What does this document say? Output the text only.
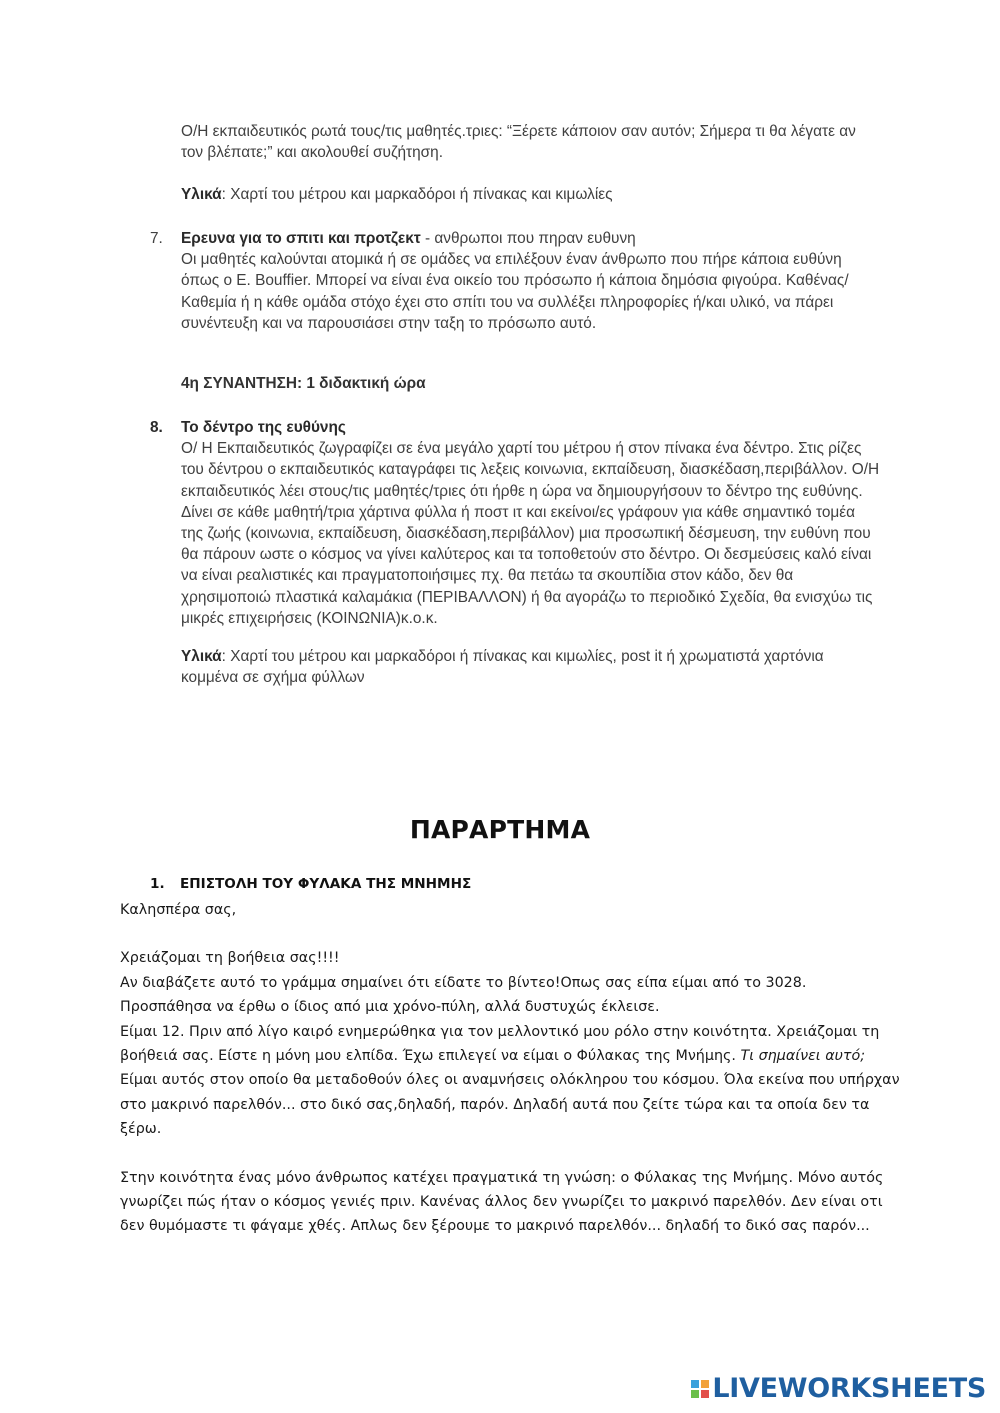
Ο/Η εκπαιδευτικός ρωτά τους/τις μαθητές.τριες: “Ξέρετε κάποιον σαν αυτόν; Σήμερα τι θα λέγατε αν τον βλέπατε;” και ακολουθεί συζήτηση.

Υλικά: Χαρτί του μέτρου και μαρκαδόροι ή πίνακας και κιμωλίες

7. Ερευνα για το σπιτι και προτζεκτ - ανθρωποι που πηραν ευθυνη

Οι μαθητές καλούνται ατομικά ή σε ομάδες να επιλέξουν έναν άνθρωπο που πήρε κάποια ευθύνη όπως ο E. Bouffier. Μπορεί να είναι ένα οικείο του πρόσωπο ή κάποια δημόσια φιγούρα. Καθένας/Καθεμία ή η κάθε ομάδα στόχο έχει στο σπίτι του να συλλέξει πληροφορίες ή/και υλικό, να πάρει συνέντευξη και να παρουσιάσει στην ταξη το πρόσωπο αυτό.

4η ΣΥΝΑΝΤΗΣΗ: 1 διδακτική ώρα
8. Το δέντρο της ευθύνης

Ο/ Η Εκπαιδευτικός ζωγραφίζει σε ένα μεγάλο χαρτί του μέτρου ή στον πίνακα ένα δέντρο. Στις ρίζες του δέντρου ο εκπαιδευτικός καταγράφει τις λεξεις κοινωνια, εκπαίδευση, διασκέδαση,περιβάλλον. Ο/Η εκπαιδευτικός λέει στους/τις μαθητές/τριες ότι ήρθε η ώρα να δημιουργήσουν το δέντρο της ευθύνης. Δίνει σε κάθε μαθητή/τρια χάρτινα φύλλα ή ποστ ιτ και εκείνοι/ες γράφουν για κάθε σημαντικό τομέα της ζωής (κοινωνια, εκπαίδευση, διασκέδαση,περιβάλλον) μια προσωπική δέσμευση, την ευθύνη που θα πάρουν ωστε ο κόσμος να γίνει καλύτερος και τα τοποθετούν στο δέντρο. Οι δεσμεύσεις καλό είναι να είναι ρεαλιστικές και πραγματοποιήσιμες πχ. θα πετάω τα σκουπίδια στον κάδο, δεν θα χρησιμοποιώ πλαστικά καλαμάκια (ΠΕΡΙΒΑΛΛΟΝ) ή θα αγοράζω το περιοδικό Σχεδία, θα ενισχύω τις μικρές επιχειρήσεις (ΚΟΙΝΩΝΙΑ)κ.ο.κ.

Υλικά: Χαρτί του μέτρου και μαρκαδόροι ή πίνακας και κιμωλίες, post it ή χρωματιστά χαρτόνια κομμένα σε σχήμα φύλλων

ΠΑΡΑΡΤΗΜΑ
1. ΕΠΙΣΤΟΛΗ ΤΟΥ ΦΥΛΑΚΑ ΤΗΣ ΜΝΗΜΗΣ

Καλησπέρα σας,

Χρειάζομαι τη βοήθεια σας!!!!

Αν διαβάζετε αυτό το γράμμα σημαίνει ότι είδατε το βίντεο!Οπως σας είπα είμαι από το 3028.

Προσπάθησα να έρθω ο ίδιος από μια χρόνο-πύλη, αλλά δυστυχώς έκλεισε.

Είμαι 12. Πριν από λίγο καιρό ενημερώθηκα για τον μελλοντικό μου ρόλο στην κοινότητα. Χρειάζομαι τη βοήθειά σας. Είστε η μόνη μου ελπίδα. Έχω επιλεγεί να είμαι ο Φύλακας της Μνήμης. Τι σημαίνει αυτό; Είμαι αυτός στον οποίο θα μεταδοθούν όλες οι αναμνήσεις ολόκληρου του κόσμου. Όλα εκείνα που υπήρχαν στο μακρινό παρελθόν... στο δικό σας,δηλαδή, παρόν. Δηλαδή αυτά που ζείτε τώρα και τα οποία δεν τα ξέρω.

Στην κοινότητα ένας μόνο άνθρωπος κατέχει πραγματικά τη γνώση: ο Φύλακας της Μνήμης. Μόνο αυτός γνωρίζει πώς ήταν ο κόσμος γενιές πριν. Κανένας άλλος δεν γνωρίζει το μακρινό παρελθόν. Δεν είναι οτι δεν θυμόμαστε τι φάγαμε χθές. Απλως δεν ξέρουμε το μακρινό παρελθόν... δηλαδή το δικό σας παρόν...

LIVEWORKSHEETS
